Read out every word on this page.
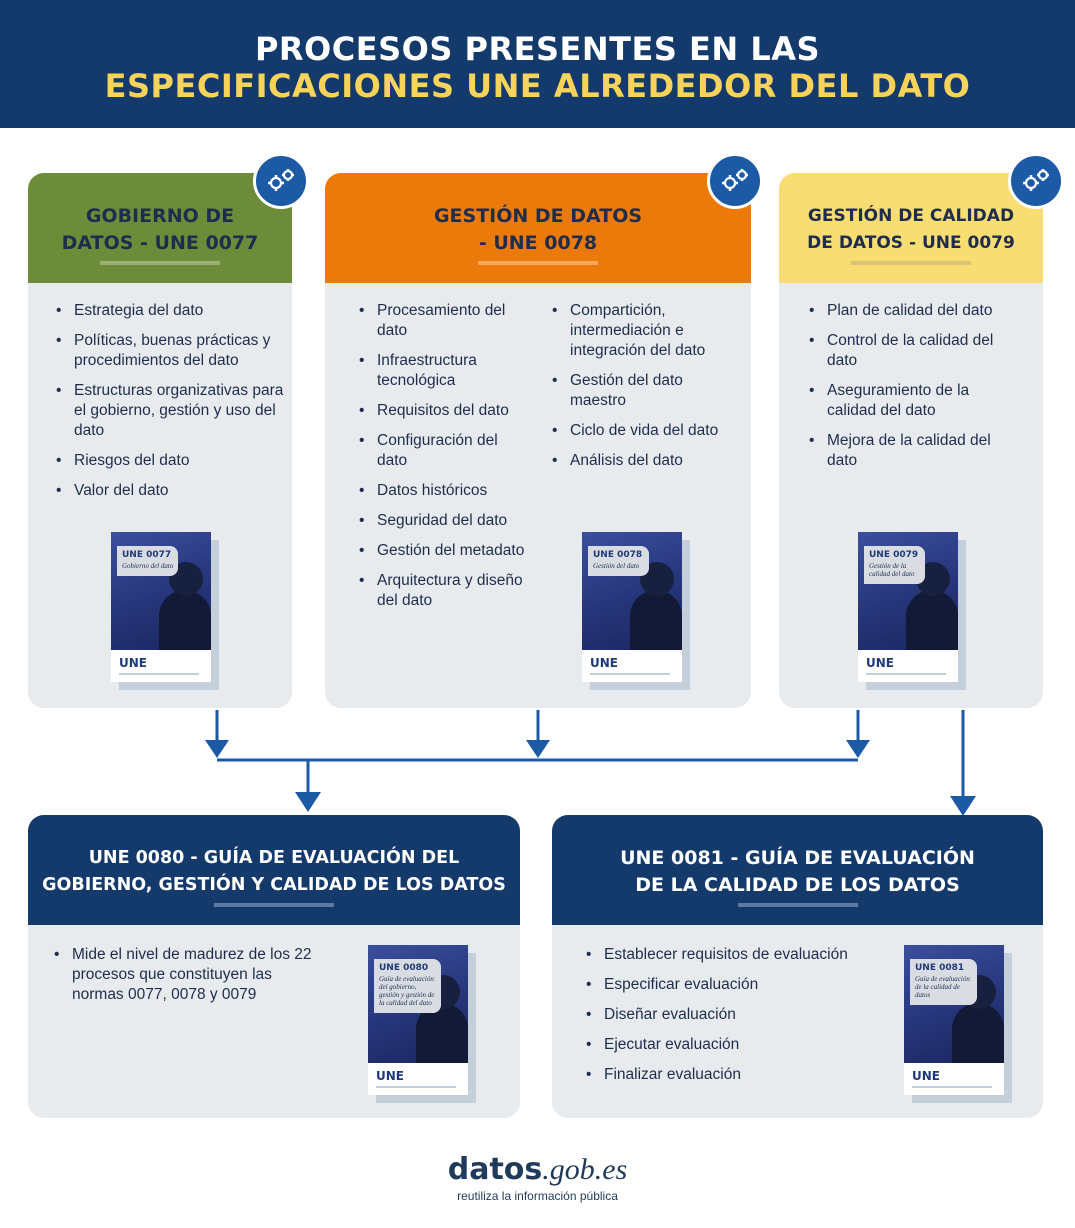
PROCESOS PRESENTES EN LAS
ESPECIFICACIONES UNE ALREDEDOR DEL DATO
GOBIERNO DE
DATOS - UNE 0077
• Estrategia del dato
• Políticas, buenas prácticas y procedimientos del dato
• Estructuras organizativas para el gobierno, gestión y uso del dato
• Riesgos del dato
• Valor del dato
UNE 0077
Gobierno del dato
UNE
GESTIÓN DE DATOS
- UNE 0078
• Procesamiento del dato
• Infraestructura tecnológica
• Requisitos del dato
• Configuración del dato
• Datos históricos
• Seguridad del dato
• Gestión del metadato
• Arquitectura y diseño del dato
• Compartición, intermediación e integración del dato
• Gestión del dato maestro
• Ciclo de vida del dato
• Análisis del dato
UNE 0078
Gestión del dato
UNE
GESTIÓN DE CALIDAD
DE DATOS - UNE 0079
• Plan de calidad del dato
• Control de la calidad del dato
• Aseguramiento de la calidad del dato
• Mejora de la calidad del dato
UNE 0079
Gestión de la calidad del dato
UNE
UNE 0080 - GUÍA DE EVALUACIÓN DEL
GOBIERNO, GESTIÓN Y CALIDAD DE LOS DATOS
• Mide el nivel de madurez de los 22 procesos que constituyen las normas 0077, 0078 y 0079
UNE 0080
Guía de evaluación del gobierno, gestión y gestión de la calidad del dato
UNE
UNE 0081 - GUÍA DE EVALUACIÓN
DE LA CALIDAD DE LOS DATOS
• Establecer requisitos de evaluación
• Especificar evaluación
• Diseñar evaluación
• Ejecutar evaluación
• Finalizar evaluación
UNE 0081
Guía de evaluación de la calidad de datos
UNE
datos.gob.es
reutiliza la información pública
